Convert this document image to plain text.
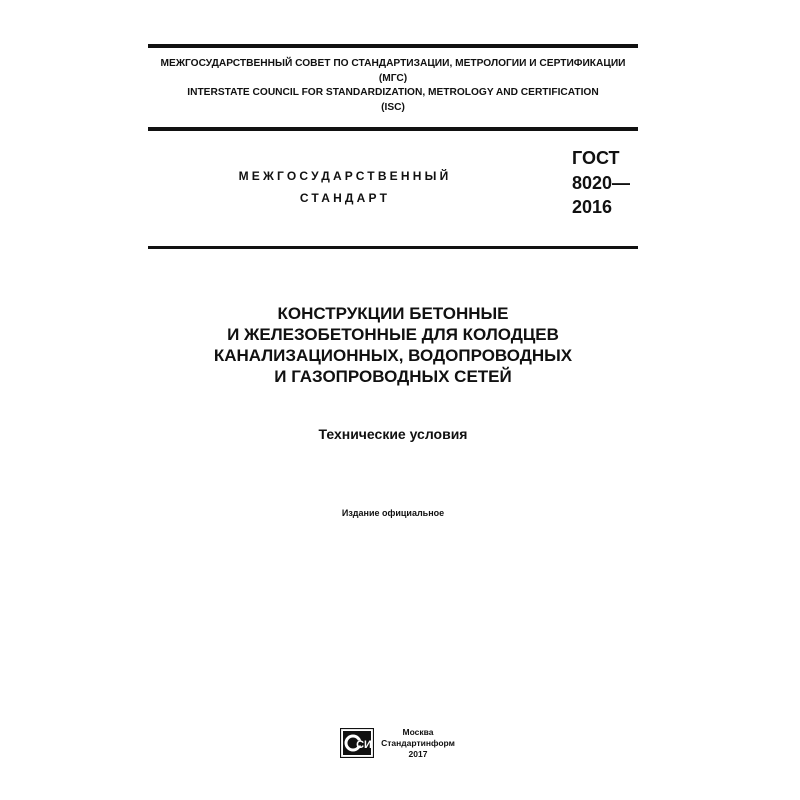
МЕЖГОСУДАРСТВЕННЫЙ СОВЕТ ПО СТАНДАРТИЗАЦИИ, МЕТРОЛОГИИ И СЕРТИФИКАЦИИ
(МГС)
INTERSTATE COUNCIL FOR STANDARDIZATION, METROLOGY AND CERTIFICATION
(ISC)
МЕЖГОСУДАРСТВЕННЫЙ
СТАНДАРТ
ГОСТ
8020—
2016
КОНСТРУКЦИИ БЕТОННЫЕ
И ЖЕЛЕЗОБЕТОННЫЕ ДЛЯ КОЛОДЦЕВ
КАНАЛИЗАЦИОННЫХ, ВОДОПРОВОДНЫХ
И ГАЗОПРОВОДНЫХ СЕТЕЙ
Технические условия
Издание официальное
СИ
Москва
Стандартинформ
2017
